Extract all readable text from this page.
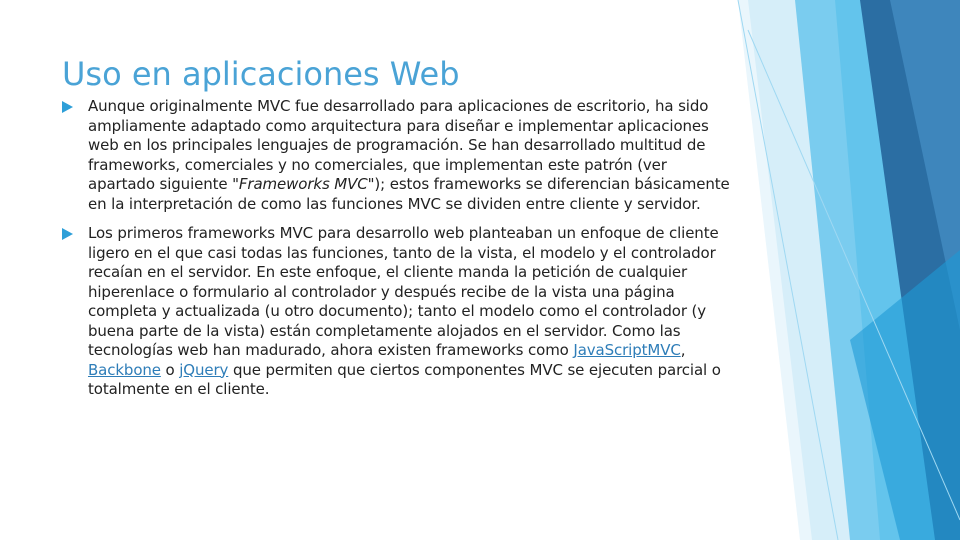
Uso en aplicaciones Web
Aunque originalmente MVC fue desarrollado para aplicaciones de escritorio, ha sido ampliamente adaptado como arquitectura para diseñar e implementar aplicaciones web en los principales lenguajes de programación. Se han desarrollado multitud de frameworks, comerciales y no comerciales, que implementan este patrón (ver apartado siguiente "Frameworks MVC"); estos frameworks se diferencian básicamente en la interpretación de como las funciones MVC se dividen entre cliente y servidor.
Los primeros frameworks MVC para desarrollo web planteaban un enfoque de cliente ligero en el que casi todas las funciones, tanto de la vista, el modelo y el controlador recaían en el servidor. En este enfoque, el cliente manda la petición de cualquier hiperenlace o formulario al controlador y después recibe de la vista una página completa y actualizada (u otro documento); tanto el modelo como el controlador (y buena parte de la vista) están completamente alojados en el servidor. Como las tecnologías web han madurado, ahora existen frameworks como JavaScriptMVC, Backbone o jQuery que permiten que ciertos componentes MVC se ejecuten parcial o totalmente en el cliente.
